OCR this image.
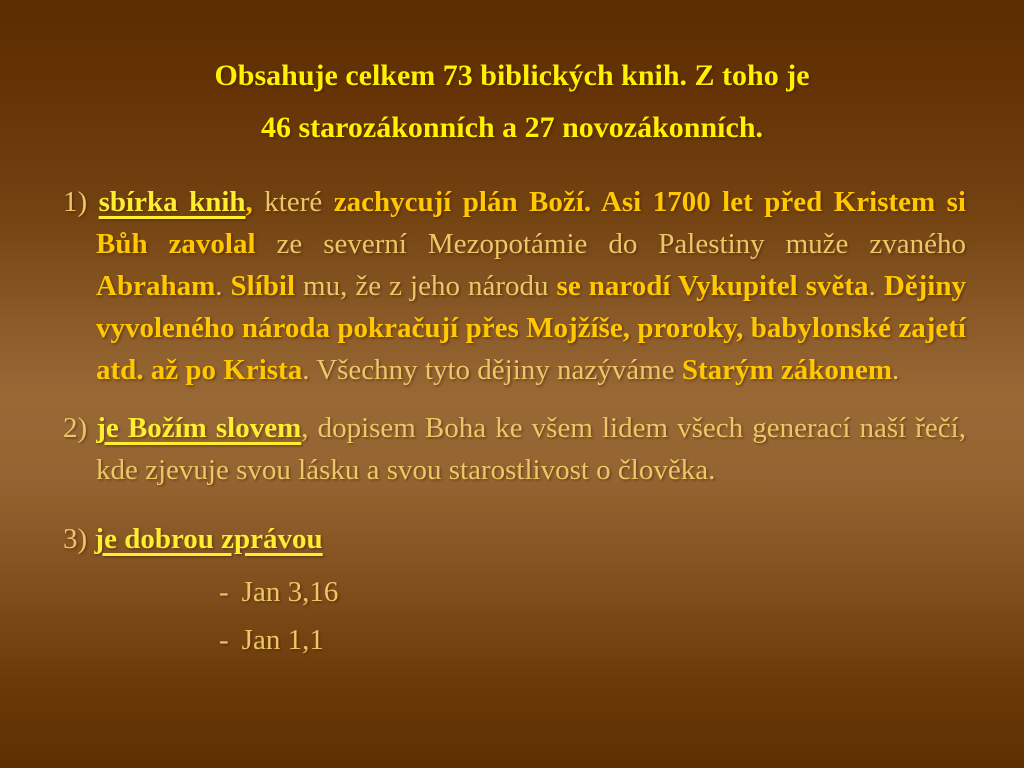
Obsahuje celkem 73 biblických knih. Z toho je
46 starozákonních a 27 novozákonních.

1) sbírka knih, které zachycují plán Boží. Asi 1700 let před Kristem si Bůh zavolal ze severní Mezopotámie do Palestiny muže zvaného Abraham. Slíbil mu, že z jeho národu se narodí Vykupitel světa. Dějiny vyvoleného národa pokračují přes Mojžíše, proroky, babylonské zajetí atd. až po Krista. Všechny tyto dějiny nazýváme Starým zákonem.

2) je Božím slovem, dopisem Boha ke všem lidem všech generací naší řečí, kde zjevuje svou lásku a svou starostlivost o člověka.

3) je dobrou zprávou

- Jan 3,16
- Jan 1,1
